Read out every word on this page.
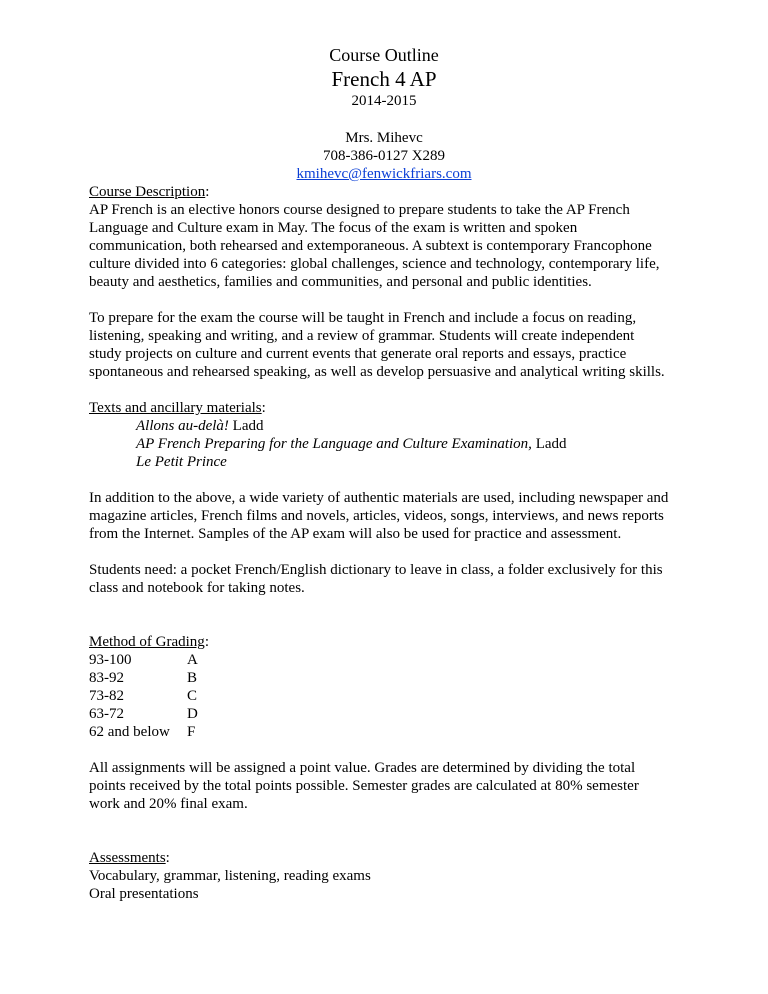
Course Outline
French 4 AP
2014-2015
Mrs. Mihevc
708-386-0127 X289
kmihevc@fenwickfriars.com
Course Description:

AP French is an elective honors course designed to prepare students to take the AP French
Language and Culture exam in May. The focus of the exam is written and spoken
communication, both rehearsed and extemporaneous. A subtext is contemporary Francophone
culture divided into 6 categories: global challenges, science and technology, contemporary life,
beauty and aesthetics, families and communities, and personal and public identities.

To prepare for the exam the course will be taught in French and include a focus on reading,
listening, speaking and writing, and a review of grammar. Students will create independent
study projects on culture and current events that generate oral reports and essays, practice
spontaneous and rehearsed speaking, as well as develop persuasive and analytical writing skills.

Texts and ancillary materials:
Allons au-delà! Ladd
AP French Preparing for the Language and Culture Examination, Ladd
Le Petit Prince

In addition to the above, a wide variety of authentic materials are used, including newspaper and
magazine articles, French films and novels, articles, videos, songs, interviews, and news reports
from the Internet. Samples of the AP exam will also be used for practice and assessment.

Students need: a pocket French/English dictionary to leave in class, a folder exclusively for this
class and notebook for taking notes.

Method of Grading:
93-100	A
83-92	B
73-82	C
63-72	D
62 and below	F

All assignments will be assigned a point value. Grades are determined by dividing the total
points received by the total points possible. Semester grades are calculated at 80% semester
work and 20% final exam.

Assessments:
Vocabulary, grammar, listening, reading exams
Oral presentations
